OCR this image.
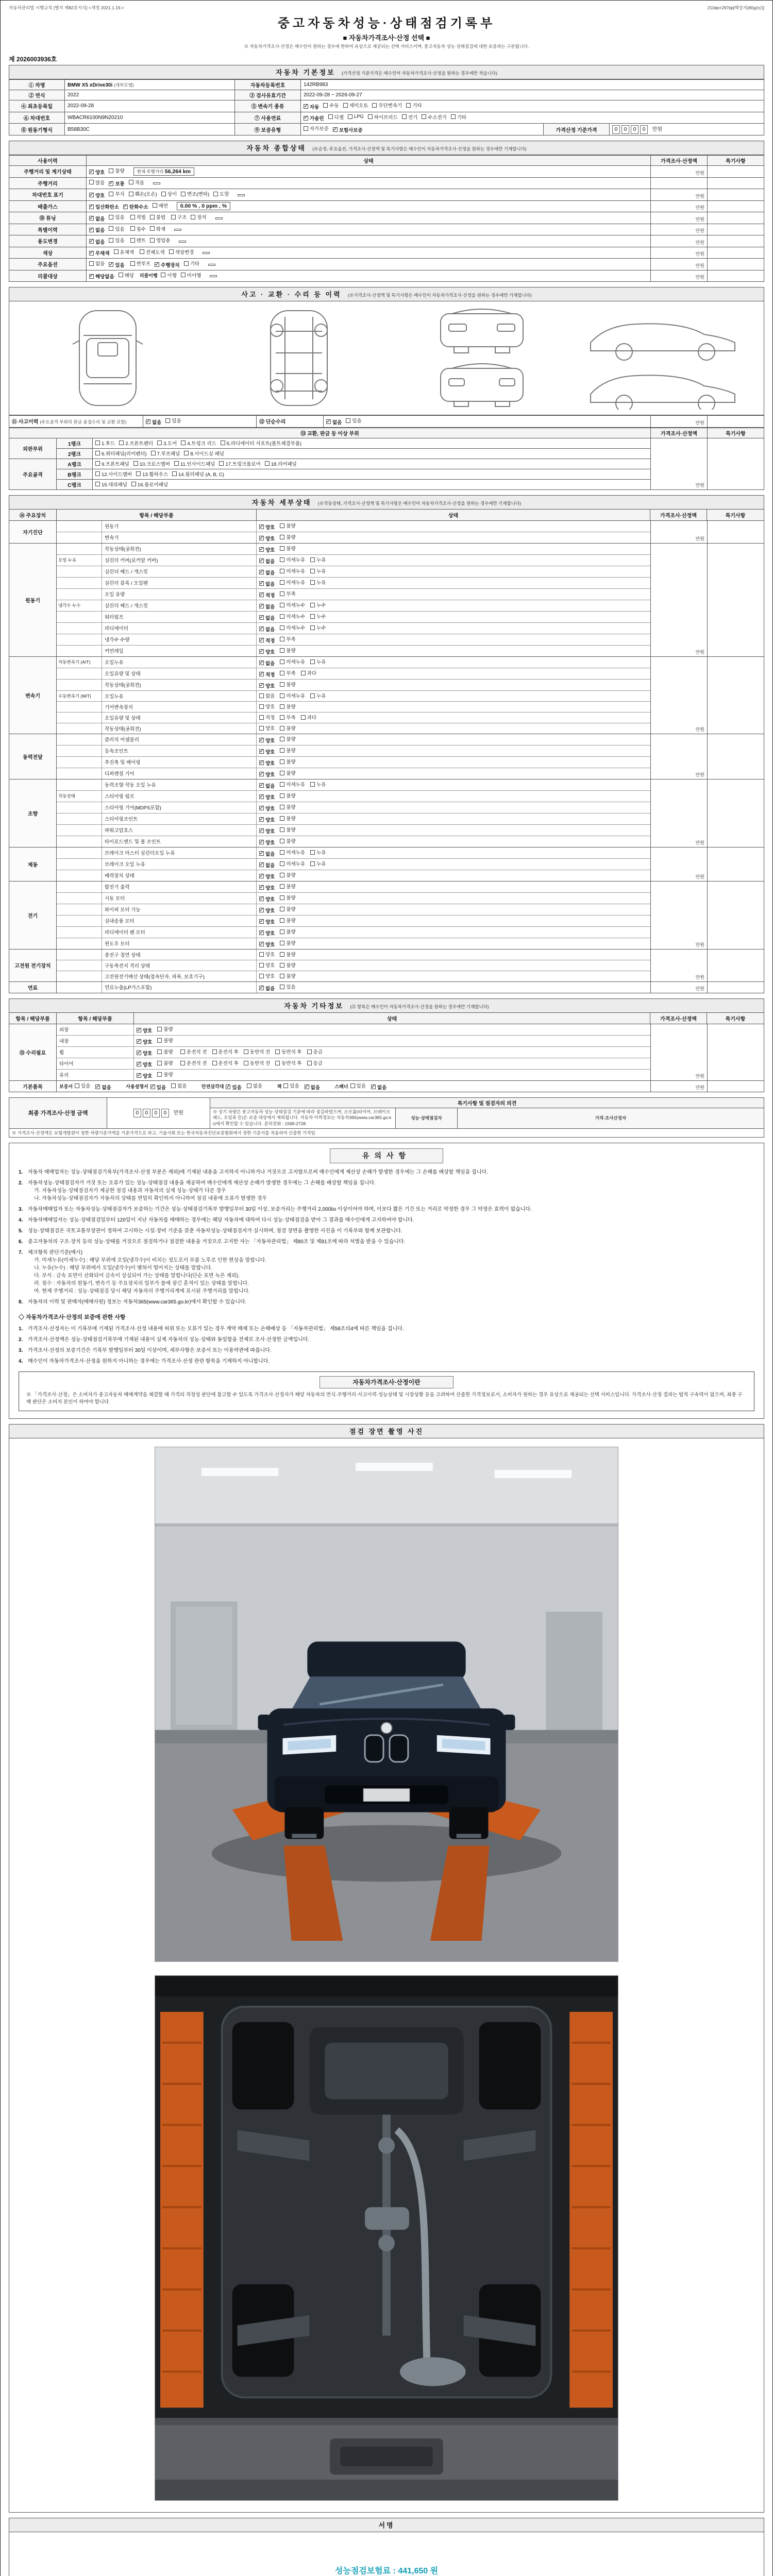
자동차관리법 시행규칙 [별지 제82호서식] <개정 2021.1.19.>	210㎜×297㎜[백상지(80g/㎡)]
중고자동차성능·상태점검기록부
■ 자동차가격조사·산정 선택 ■
※ 자동차가격조사·산정은 매수인이 원하는 경우에 한하여 유상으로 제공되는 선택 서비스이며, 중고자동차 성능·상태점검에 대한 보증과는 구분됩니다.
제 2026003936호
자동차 기본정보 (가격산정 기준가격은 매수인이 자동차가격조사·산정을 원하는 경우에만 적습니다)
① 차명	BMW X5 xDrive30i (세부모델)	자동차등록번호	142RB983		
② 연식	2022	③ 검사유효기간	2022-09-28 ~ 2026-09-27		
④ 최초등록일	2022-09-28	⑤ 변속기 종류	✓ 자동 수동 세미오토 무단변속기 기타

⑥ 차대번호	WBACR6100N9N20210	⑦ 사용연료	✓ 가솔린 디젤 LPG 하이브리드 전기 수소전기 기타

⑧ 원동기형식	B58B30C	⑨ 보증유형	자가보증 ✓ 보험사보증	가격산정 기준가격	0 0 0 0 만원
자동차 종합상태 (※순정, 주요옵션, 가격조사·산정액 및 특기사항은 매수인이 자동차가격조사·산정을 원하는 경우에만 기재합니다)
사용이력	상태	가격조사·산정액	특기사항
주행거리 및 계기상태	✓ 양호 불량 현재 주행거리 56,264 km	만원	
주행거리	많음 ✓ 보통 적음		

차대번호 표기	✓ 양호 부식 훼손(오손) 상이 변조(변타) 도말	만원	
배출가스	✓ 일산화탄소 ✓ 탄화수소 매연 0.00 % , 0 ppm , %	만원	
⑩ 튜닝	✓ 없음 있음
적법 불법
구조 장치	만원	
특별이력	✓ 없음 있음
침수 화재	만원	
용도변경	✓ 없음 있음
렌트 영업용	만원	
색상	✓ 무채색 유채색
전체도색 색상변경	만원	
주요옵션	없음 ✓ 있음
썬루프 ✓ 주행장치 기타	만원	
리콜대상	✓ 해당없음 해당 리콜이행 이행 미이행	만원	
사고 · 교환 · 수리 등 이력 (※가격조사·산정액 및 특기사항은 매수인이 자동차가격조사·산정을 원하는 경우에만 기재합니다)
⑪ 사고이력 (주요골격 부위의 판금·용접수리 및 교환 포함)	✓ 없음 있음	⑫ 단순수리	✓ 없음 있음	만원	
⑬ 교환, 판금 등 이상 부위			가격조사·산정액	특기사항
외판부위	1랭크	1.후드 2.프론트펜더 3.도어 4.트렁크 리드 5.라디에이터 서포트(볼트체결부품)	만원	
	2랭크	6.쿼터패널(리어펜더) 7.루프패널 8.사이드실 패널		

주요골격	A랭크	9.프론트패널 10.크로스멤버 11.인사이드패널 17.트렁크플로어 18.리어패널		

	B랭크	12.사이드멤버 13.휠하우스 14.필러패널 (A, B, C)		

	C랭크	15.대쉬패널 16.플로어패널		
자동차 세부상태 (※작동상태, 가격조사·산정액 및 특기사항은 매수인이 자동차가격조사·산정을 원하는 경우에만 기재합니다)
⑭ 주요장치	항목 / 해당부품	상태	가격조사·산정액	특기사항
자기진단
원동기	✓ 양호 불량
변속기	✓ 양호 불량	만원
원동기
작동상태(공회전)	✓ 양호 불량
오일 누유	실린더 커버(로커암 커버)	✓ 없음 미세누유 누유
실린더 헤드 / 개스킷	✓ 없음 미세누유 누유
실린더 블록 / 오일팬	✓ 없음 미세누유 누유
오일 유량	✓ 적정 부족
냉각수 누수	실린더 헤드 / 개스킷	✓ 없음 미세누수 누수
워터펌프	✓ 없음 미세누수 누수
라디에이터	✓ 없음 미세누수 누수
냉각수 수량	✓ 적정 부족
커먼레일	✓ 양호 불량	만원
변속기
자동변속기 (A/T)	오일누유	✓ 없음 미세누유 누유
오일유량 및 상태	✓ 적정 부족 과다
작동상태(공회전)	✓ 양호 불량
수동변속기 (M/T)	오일누유	없음 미세누유 누유
기어변속장치	양호 불량
오일유량 및 상태	적정 부족 과다
작동상태(공회전)	양호 불량	만원
동력전달
클러치 어셈블리	✓ 양호 불량
등속조인트	✓ 양호 불량
추진축 및 베어링	✓ 양호 불량
디퍼렌셜 기어	✓ 양호 불량	만원
조향
동력조향 작동 오일 누유	✓ 없음 미세누유 누유
작동상태	스티어링 펌프	✓ 양호 불량
스티어링 기어(MDPS포함)	✓ 양호 불량
스티어링조인트	✓ 양호 불량
파워고압호스	✓ 양호 불량
타이로드엔드 및 볼 조인트	✓ 양호 불량	만원
제동
브레이크 마스터 실린더오일 누유	✓ 없음 미세누유 누유
브레이크 오일 누유	✓ 없음 미세누유 누유
배력장치 상태	✓ 양호 불량	만원
전기
발전기 출력	✓ 양호 불량
시동 모터	✓ 양호 불량
와이퍼 모터 기능	✓ 양호 불량
실내송풍 모터	✓ 양호 불량
라디에이터 팬 모터	✓ 양호 불량
윈도우 모터	✓ 양호 불량	만원
고전원 전기장치
충전구 절연 상태	양호 불량
구동축전지 격리 상태	양호 불량
고전원전기배선 상태(접속단자, 피복, 보호기구)	양호 불량	만원
연료	연료누출(LP가스포함)	✓ 없음 있음	만원
자동차 기타정보 (⑮ 항목은 매수인이 자동차가격조사·산정을 원하는 경우에만 기재합니다)
항목 / 해당부품	항목 / 해당부품	상태	가격조사·산정액	특기사항
⑮ 수리필요
외장	✓ 양호 불량
내장	✓ 양호 불량
휠	✓ 양호 불량
	운전석 전 운전석 후 동반석 전 동반석 후 응급
타이어	✓ 양호 불량
	운전석 전 운전석 후 동반석 전 동반석 후 응급
유리	✓ 양호 불량	만원
기본품목	보증서 있음 ✓ 없음	사용설명서 ✓ 있음 없음	안전삼각대 ✓ 있음 없음	잭 있음 ✓ 없음	스패너 있음 ✓ 없음	만원
최종 가격조사·산정 금액	0 0 0 0 만원	특기사항 및 점검자의 의견		
		※ 상기 차량은 중고자동차 성능·상태점검 기준에 따라 점검하였으며, 소모품(타이어, 브레이크 패드, 오일류 등)은 보증 대상에서 제외됩니다. 자동차 이력정보는 자동차365(www.car365.go.kr)에서 확인할 수 있습니다. 문의전화 : 1599-2728	성능·상태점검자	가격·조사산정자
※ 가격조사·산정액은 보험개발원이 정한 차량기준가액을 기준가격으로 하고, 기술사회 또는 한국자동차진단보증협회에서 정한 기준서를 적용하여 산출한 가격임				
유의사항
1. 자동차 매매업자는 성능·상태점검기록부(가격조사·산정 부분은 제외)에 기재된 내용을 고지하지 아니하거나 거짓으로 고지함으로써 매수인에게 재산상 손해가 발생한 경우에는 그 손해를 배상할 책임을 집니다.
2. 자동차성능·상태점검자가 거짓 또는 오류가 있는 성능·상태점검 내용을 제공하여 매수인에게 재산상 손해가 발생한 경우에는 그 손해를 배상할 책임을 집니다.
가. 자동차성능·상태점검자가 제공한 점검 내용과 자동차의 실제 성능·상태가 다른 경우
나. 자동차성능·상태점검자가 자동차의 상태를 면밀히 확인하지 아니하여 점검 내용에 오류가 발생한 경우
3. 자동차매매업자 또는 자동차성능·상태점검자가 보증하는 기간은 성능·상태점검기록부 발행일부터 30일 이상, 보증거리는 주행거리 2,000㎞ 이상이어야 하며, 이보다 짧은 기간 또는 거리로 약정한 경우 그 약정은 효력이 없습니다.
4. 자동차매매업자는 성능·상태점검일부터 120일이 지난 자동차를 매매하는 경우에는 해당 자동차에 대하여 다시 성능·상태점검을 받아 그 결과를 매수인에게 고지하여야 합니다.
5. 성능·상태점검은 국토교통부장관이 정하여 고시하는 시설·장비 기준을 갖춘 자동차성능·상태점검자가 실시하며, 점검 장면을 촬영한 사진을 이 기록부와 함께 보관합니다.
6. 중고자동차의 구조·장치 등의 성능·상태를 거짓으로 점검하거나 점검한 내용을 거짓으로 고지한 자는 「자동차관리법」 제80조 및 제81조에 따라 처벌을 받을 수 있습니다.
7. 체크항목 판단기준(예시)
가. 미세누유(미세누수) : 해당 부위에 오일(냉각수)이 비치는 정도로서 부품 노후로 인한 현상을 말합니다.
나. 누유(누수) : 해당 부위에서 오일(냉각수)이 맺혀서 떨어지는 상태를 말합니다.
다. 부식 : 금속 표면이 산화되어 금속이 상실되어 가는 상태를 말합니다(단순 표면 녹은 제외).
라. 침수 : 자동차의 원동기, 변속기 등 주요장치의 일부가 물에 잠긴 흔적이 있는 상태를 말합니다.
마. 현재 주행거리 : 성능·상태점검 당시 해당 자동차의 주행거리계에 표시된 주행거리를 말합니다.
8. 자동차의 이력 및 판매자(매매사원) 정보는 자동차365(www.car365.go.kr)에서 확인할 수 있습니다.
◇ 자동차가격조사·산정의 보증에 관한 사항
1. 가격조사·산정자는 이 기록부에 기재된 가격조사·산정 내용에 허위 또는 오류가 있는 경우 계약 해제 또는 손해배상 등 「자동차관리법」 제58조의4에 따른 책임을 집니다.
2. 가격조사·산정액은 성능·상태점검기록부에 기재된 내용이 실제 자동차의 성능·상태와 동일함을 전제로 조사·산정한 금액입니다.
3. 가격조사·산정의 보증기간은 기록부 발행일부터 30일 이상이며, 세부사항은 보증서 또는 이용약관에 따릅니다.
4. 매수인이 자동차가격조사·산정을 원하지 아니하는 경우에는 가격조사·산정 관련 항목을 기재하지 아니합니다.
자동차가격조사·산정이란
※ 「가격조사·산정」은 소비자가 중고자동차 매매계약을 체결할 때 가격의 적정성 판단에 참고할 수 있도록 가격조사·산정자가 해당 자동차의 연식·주행거리·사고이력·성능상태 및 시장상황 등을 고려하여 산출한 가격정보로서, 소비자가 원하는 경우 유상으로 제공되는 선택 서비스입니다. 가격조사·산정 결과는 법적 구속력이 없으며, 최종 구매 판단은 소비자 본인이 하여야 합니다.
점검 장면 촬영 사진
서명
성능점검보험료 : 441,650 원
